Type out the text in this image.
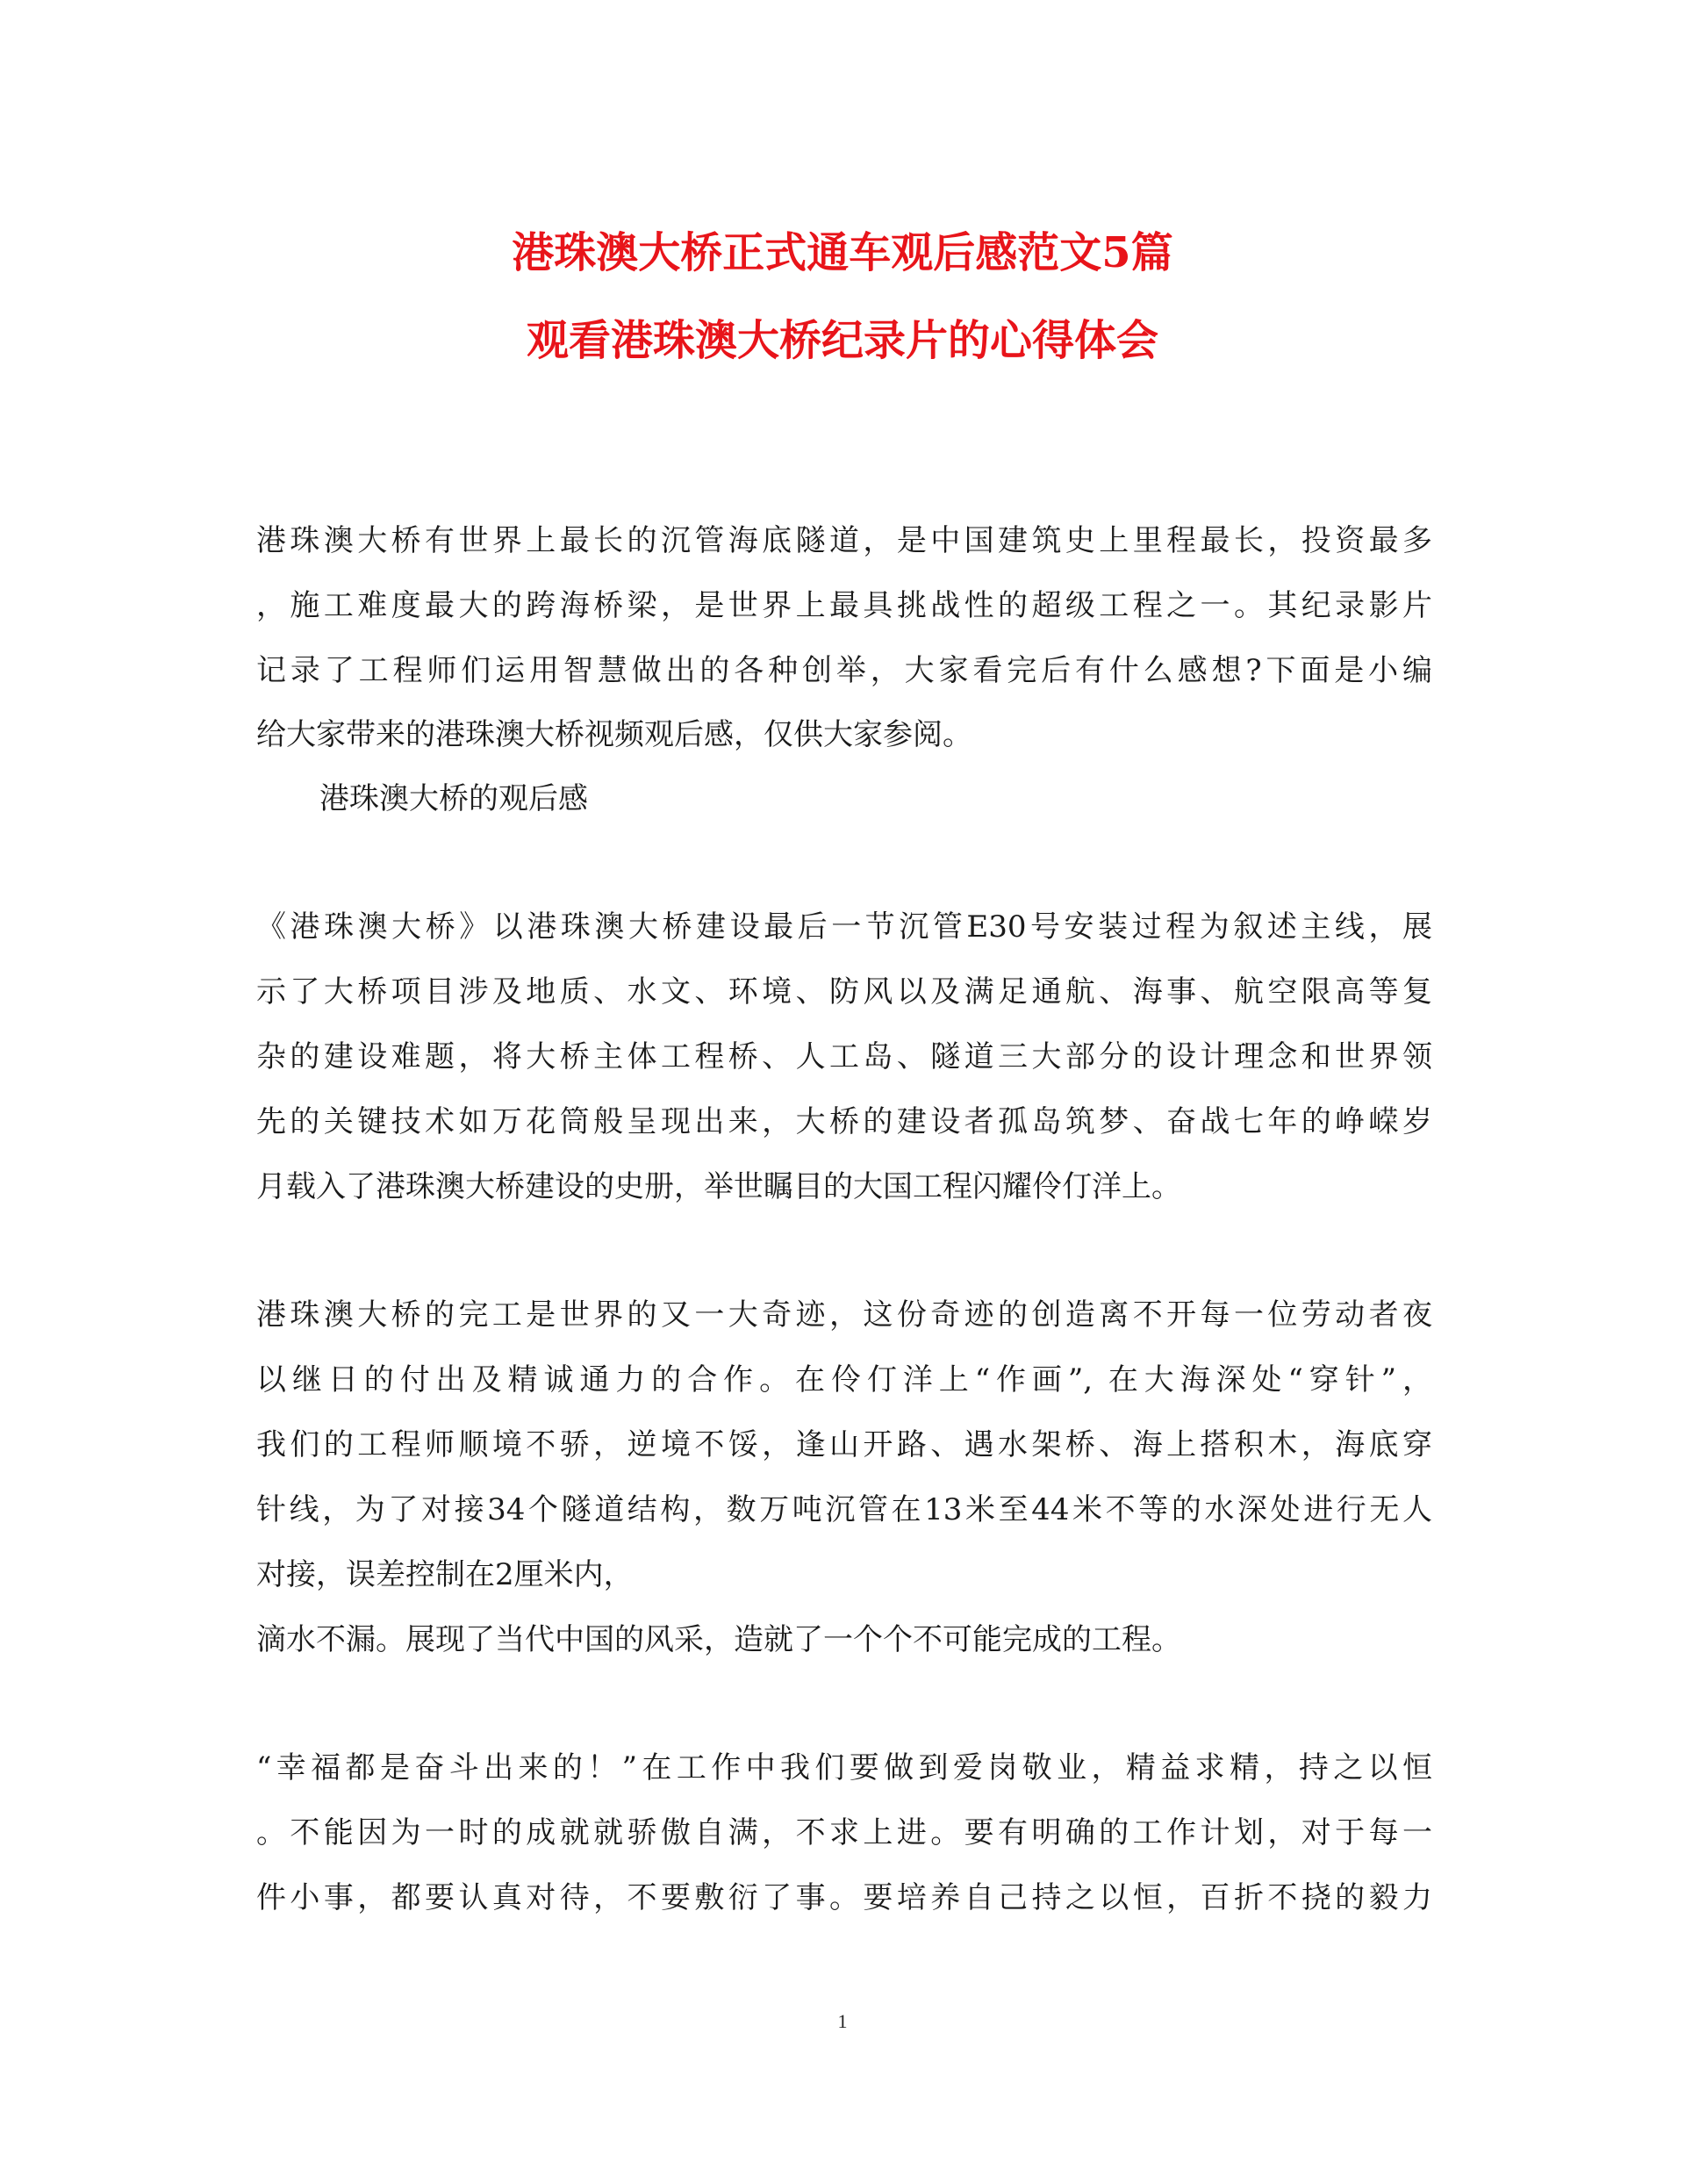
港珠澳大桥正式通车观后感范文5篇
观看港珠澳大桥纪录片的心得体会
港珠澳大桥有世界上最长的沉管海底隧道，是中国建筑史上里程最长，投资最多
，施工难度最大的跨海桥梁，是世界上最具挑战性的超级工程之一。其纪录影片
记录了工程师们运用智慧做出的各种创举，大家看完后有什么感想?下面是小编
给大家带来的港珠澳大桥视频观后感，仅供大家参阅。
港珠澳大桥的观后感
《港珠澳大桥》以港珠澳大桥建设最后一节沉管E30号安装过程为叙述主线，展
示了大桥项目涉及地质、水文、环境、防风以及满足通航、海事、航空限高等复
杂的建设难题，将大桥主体工程桥、人工岛、隧道三大部分的设计理念和世界领
先的关键技术如万花筒般呈现出来，大桥的建设者孤岛筑梦、奋战七年的峥嵘岁
月载入了港珠澳大桥建设的史册，举世瞩目的大国工程闪耀伶仃洋上。
港珠澳大桥的完工是世界的又一大奇迹，这份奇迹的创造离不开每一位劳动者夜
以继日的付出及精诚通力的合作。在伶仃洋上“作画”, 在大海深处“穿针”，
我们的工程师顺境不骄，逆境不馁，逢山开路、遇水架桥、海上搭积木，海底穿
针线，为了对接34个隧道结构，数万吨沉管在13米至44米不等的水深处进行无人
对接，误差控制在2厘米内，
滴水不漏。展现了当代中国的风采，造就了一个个不可能完成的工程。
“幸福都是奋斗出来的！”在工作中我们要做到爱岗敬业，精益求精，持之以恒
。不能因为一时的成就就骄傲自满，不求上进。要有明确的工作计划，对于每一
件小事，都要认真对待，不要敷衍了事。要培养自己持之以恒，百折不挠的毅力
1
